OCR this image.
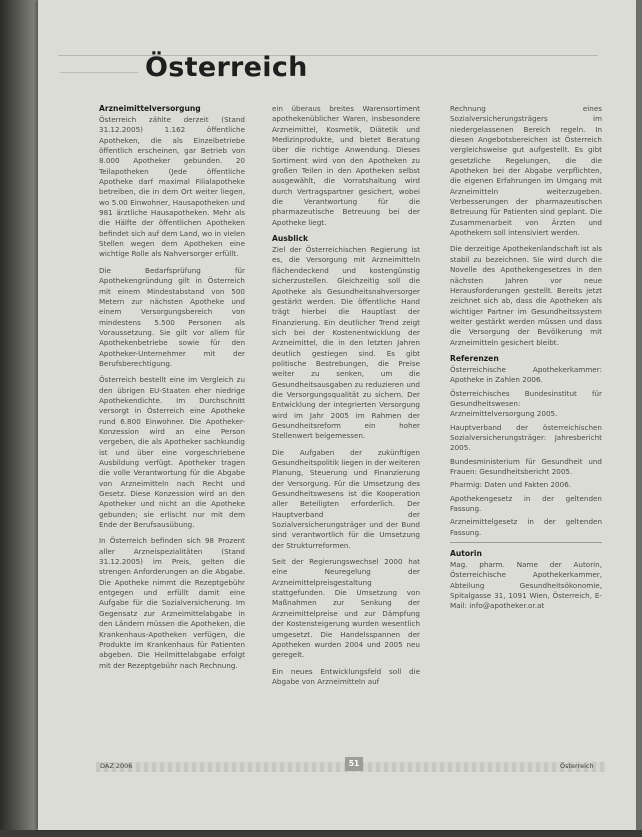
Österreich
Arzneimittelversorgung

Österreich zählte derzeit (Stand 31.12.2005) 1.162 öffentliche Apotheken, die als Einzelbetriebe öffentlich erscheinen, gar Betrieb von 8.000 Apotheker gebunden. 20 Teilapotheken (Jede öffentliche Apotheke darf maximal Filialapotheke betreiben, die in dem Ort weiter liegen, wo 5.00 Einwohner, Hausapotheken und 981 ärztliche Hausapotheken. Mehr als die Hälfte der öffentlichen Apotheken befindet sich auf dem Land, wo in vielen Stellen wegen dem Apotheken eine wichtige Rolle als Nahversorger erfüllt.

Die Bedarfsprüfung für Apothekengründung gilt in Österreich mit einem Mindestabstand von 500 Metern zur nächsten Apotheke und einem Versorgungsbereich von mindestens 5.500 Personen als Voraussetzung. Sie gilt vor allem für Apothekenbetriebe sowie für den Apotheker-Unternehmer mit der Berufsberechtigung.

Österreich bestellt eine im Vergleich zu den übrigen EU-Staaten eher niedrige Apothekendichte. Im Durchschnitt versorgt in Österreich eine Apotheke rund 6.800 Einwohner. Die Apotheker-Konzession wird an eine Person vergeben, die als Apotheker sachkundig ist und über eine vorgeschriebene Ausbildung verfügt. Apotheker tragen die volle Verantwortung für die Abgabe von Arzneimitteln nach Recht und Gesetz. Diese Konzession wird an den Apotheker und nicht an die Apotheke gebunden; sie erlischt nur mit dem Ende der Berufsausübung.

In Österreich befinden sich 98 Prozent aller Arzneispezialitäten (Stand 31.12.2005) im Preis, gelten die strengen Anforderungen an die Abgabe. Die Apotheke nimmt die Rezeptgebühr entgegen und erfüllt damit eine Aufgabe für die Sozialversicherung. Im Gegensatz zur Arzneimittelabgabe in den Ländern müssen die Apotheken, die Krankenhaus-Apotheken verfügen, die Produkte im Krankenhaus für Patienten abgeben. Die Heilmittelabgabe erfolgt mit der Rezeptgebühr nach Rechnung.

ein überaus breites Warensortiment apothekenüblicher Waren, insbesondere Arzneimittel, Kosmetik, Diätetik und Medizinprodukte, und bietet Beratung über die richtige Anwendung. Dieses Sortiment wird von den Apotheken zu großen Teilen in den Apotheken selbst ausgewählt, die Vorratshaltung wird durch Vertragspartner gesichert, wobei die Verantwortung für die pharmazeutische Betreuung bei der Apotheke liegt.

Ausblick

Ziel der Österreichischen Regierung ist es, die Versorgung mit Arzneimitteln flächendeckend und kostengünstig sicherzustellen. Gleichzeitig soll die Apotheke als Gesundheitsnahversorger gestärkt werden. Die öffentliche Hand trägt hierbei die Hauptlast der Finanzierung. Ein deutlicher Trend zeigt sich bei der Kostenentwicklung der Arzneimittel, die in den letzten Jahren deutlich gestiegen sind. Es gibt politische Bestrebungen, die Preise weiter zu senken, um die Gesundheitsausgaben zu reduzieren und die Versorgungsqualität zu sichern. Der Entwicklung der integrierten Versorgung wird im Jahr 2005 im Rahmen der Gesundheitsreform ein hoher Stellenwert beigemessen.

Die Aufgaben der zukünftigen Gesundheitspolitik liegen in der weiteren Planung, Steuerung und Finanzierung der Versorgung. Für die Umsetzung des Gesundheitswesens ist die Kooperation aller Beteiligten erforderlich. Der Hauptverband der Sozialversicherungsträger und der Bund sind verantwortlich für die Umsetzung der Strukturreformen.

Seit der Regierungswechsel 2000 hat eine Neuregelung der Arzneimittelpreisgestaltung stattgefunden. Die Umsetzung von Maßnahmen zur Senkung der Arzneimittelpreise und zur Dämpfung der Kostensteigerung wurden wesentlich umgesetzt. Die Handelsspannen der Apotheken wurden 2004 und 2005 neu geregelt.

Ein neues Entwicklungsfeld soll die Abgabe von Arzneimitteln auf

Rechnung eines Sozialversicherungsträgers im niedergelassenen Bereich regeln. In diesen Angebotsbereichen ist Österreich vergleichsweise gut aufgestellt. Es gibt gesetzliche Regelungen, die die Apotheken bei der Abgabe verpflichten, die eigenen Erfahrungen im Umgang mit Arzneimitteln weiterzugeben. Verbesserungen der pharmazeutischen Betreuung für Patienten sind geplant. Die Zusammenarbeit von Ärzten und Apothekern soll intensiviert werden.

Die derzeitige Apothekenlandschaft ist als stabil zu bezeichnen. Sie wird durch die Novelle des Apothekengesetzes in den nächsten Jahren vor neue Herausforderungen gestellt. Bereits jetzt zeichnet sich ab, dass die Apotheken als wichtiger Partner im Gesundheitssystem weiter gestärkt werden müssen und dass die Versorgung der Bevölkerung mit Arzneimitteln gesichert bleibt.

Referenzen
Österreichische Apothekerkammer: Apotheke in Zahlen 2006.
Österreichisches Bundesinstitut für Gesundheitswesen: Arzneimittelversorgung 2005.
Hauptverband der österreichischen Sozialversicherungsträger: Jahresbericht 2005.
Bundesministerium für Gesundheit und Frauen: Gesundheitsbericht 2005.
Pharmig: Daten und Fakten 2006.
Apothekengesetz in der geltenden Fassung.
Arzneimittelgesetz in der geltenden Fassung.
Autorin

Mag. pharm. Name der Autorin, Österreichische Apothekerkammer, Abteilung Gesundheitsökonomie, Spitalgasse 31, 1091 Wien, Österreich, E-Mail: info@apotheker.or.at

DAZ 2006	51	Österreich
